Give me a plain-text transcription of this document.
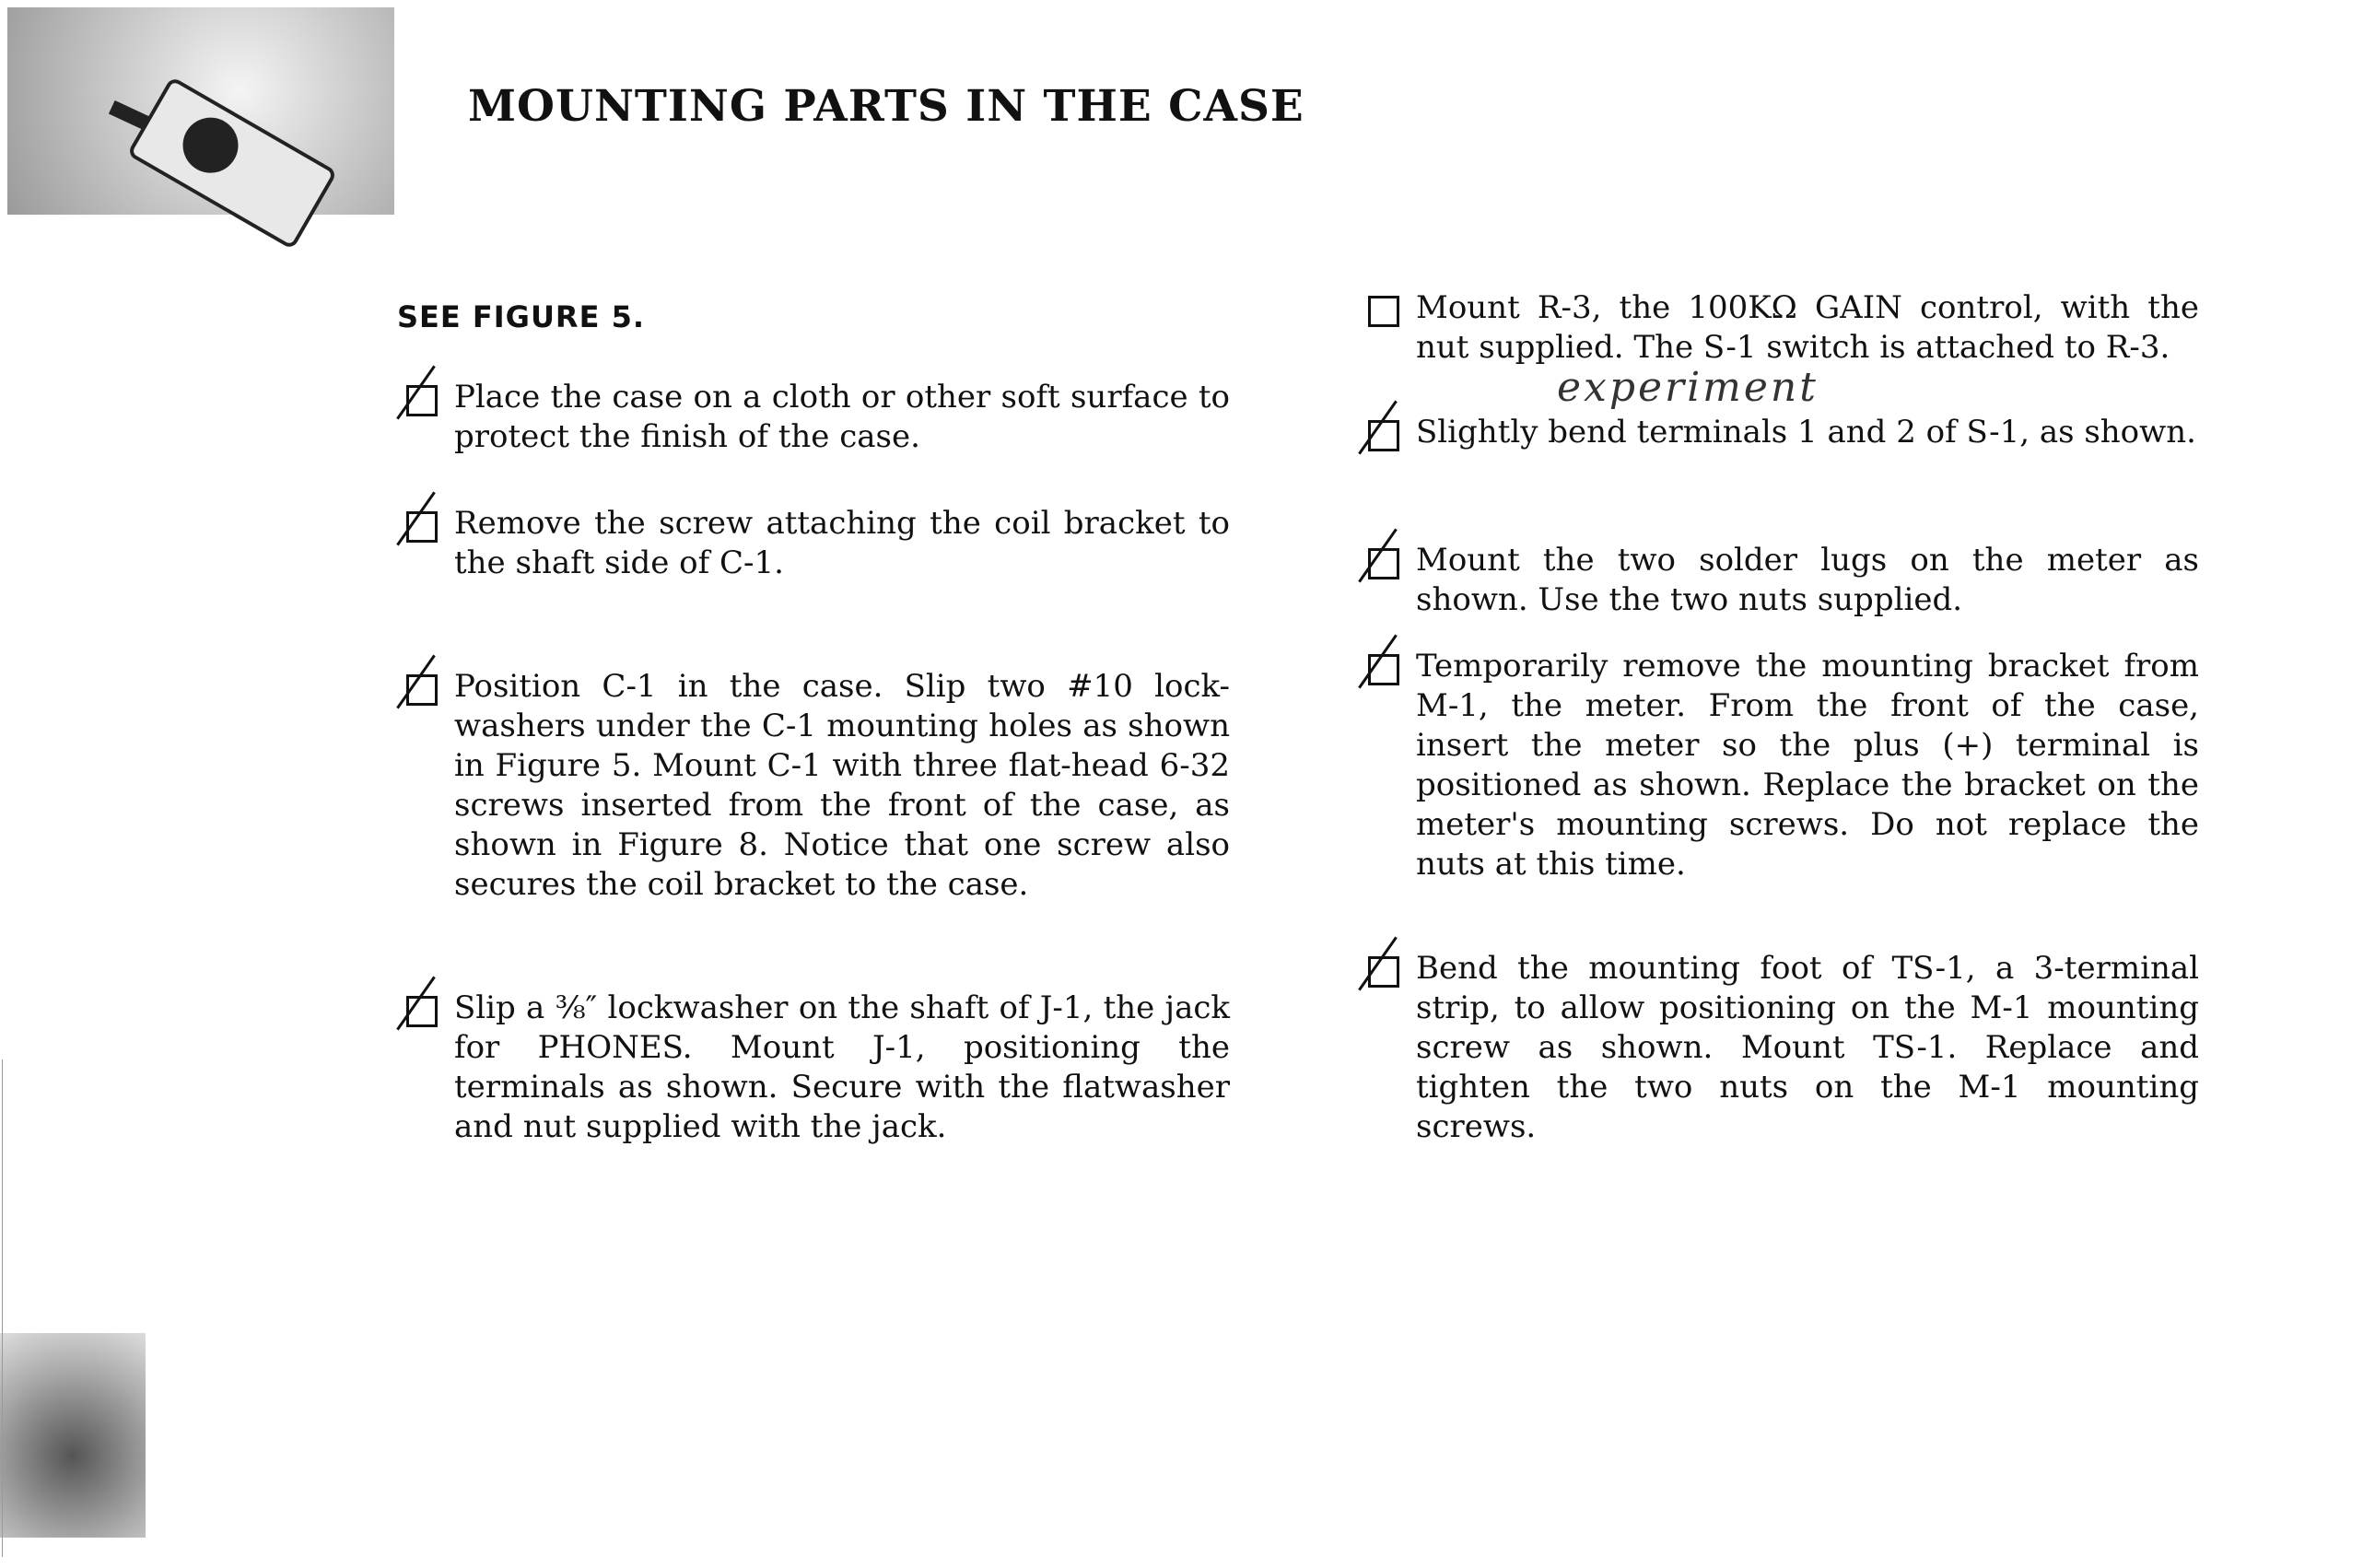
MOUNTING PARTS IN THE CASE
SEE FIGURE 5.
Place the case on a cloth or other soft surface to protect the finish of the case.
Remove the screw attaching the coil bracket to the shaft side of C-1.
Position C-1 in the case. Slip two #10 lock-washers under the C-1 mounting holes as shown in Figure 5. Mount C-1 with three flat-head 6-32 screws inserted from the front of the case, as shown in Figure 8. Notice that one screw also secures the coil bracket to the case.
Slip a ⅜″ lockwasher on the shaft of J-1, the jack for PHONES. Mount J-1, positioning the terminals as shown. Secure with the flatwasher and nut supplied with the jack.
Mount R-3, the 100KΩ GAIN control, with the nut supplied. The S-1 switch is attached to R-3.
experiment
Slightly bend terminals 1 and 2 of S-1, as shown.
Mount the two solder lugs on the meter as shown. Use the two nuts supplied.
Temporarily remove the mounting bracket from M-1, the meter. From the front of the case, insert the meter so the plus (+) terminal is positioned as shown. Replace the bracket on the meter's mounting screws. Do not replace the nuts at this time.
Bend the mounting foot of TS-1, a 3-terminal strip, to allow positioning on the M-1 mounting screw as shown. Mount TS-1. Replace and tighten the two nuts on the M-1 mounting screws.
